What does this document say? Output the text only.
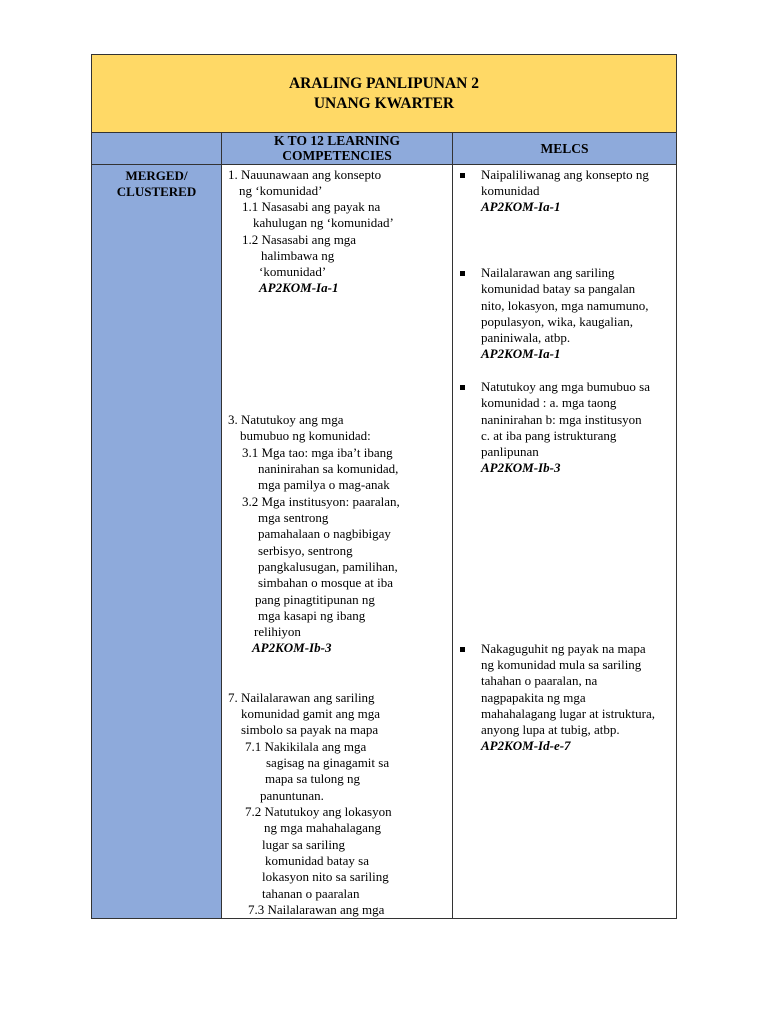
ARALING PANLIPUNAN 2
UNANG KWARTER
K TO 12 LEARNING
COMPETENCIES	MELCS
MERGED/
CLUSTERED
1. Nauunawaan ang konsepto
ng ‘komunidad’
1.1 Nasasabi ang payak na
kahulugan ng ‘komunidad’
1.2 Nasasabi ang mga
halimbawa ng
‘komunidad’
AP2KOM-Ia-1
3. Natutukoy ang mga
bumubuo ng komunidad:
3.1 Mga tao: mga iba’t ibang
naninirahan sa komunidad,
mga pamilya o mag-anak
3.2 Mga institusyon: paaralan,
mga sentrong
pamahalaan o nagbibigay
serbisyo, sentrong
pangkalusugan, pamilihan,
simbahan o mosque at iba
pang pinagtitipunan ng
mga kasapi ng ibang
relihiyon
AP2KOM-Ib-3
7. Nailalarawan ang sariling
komunidad gamit ang mga
simbolo sa payak na mapa
7.1 Nakikilala ang mga
sagisag na ginagamit sa
mapa sa tulong ng
panuntunan.
7.2 Natutukoy ang lokasyon
ng mga mahahalagang
lugar sa sariling
komunidad batay sa
lokasyon nito sa sariling
tahanan o paaralan
7.3 Nailalarawan ang mga
Naipaliliwanag ang konsepto ng
komunidad
AP2KOM-Ia-1
Nailalarawan ang sariling
komunidad batay sa pangalan
nito, lokasyon, mga namumuno,
populasyon, wika, kaugalian,
paniniwala, atbp.
AP2KOM-Ia-1
Natutukoy ang mga bumubuo sa
komunidad : a. mga taong
naninirahan b: mga institusyon
c. at iba pang istrukturang
panlipunan
AP2KOM-Ib-3
Nakaguguhit ng payak na mapa
ng komunidad mula sa sariling
tahahan o paaralan, na
nagpapakita ng mga
mahahalagang lugar at istruktura,
anyong lupa at tubig, atbp.
AP2KOM-Id-e-7
